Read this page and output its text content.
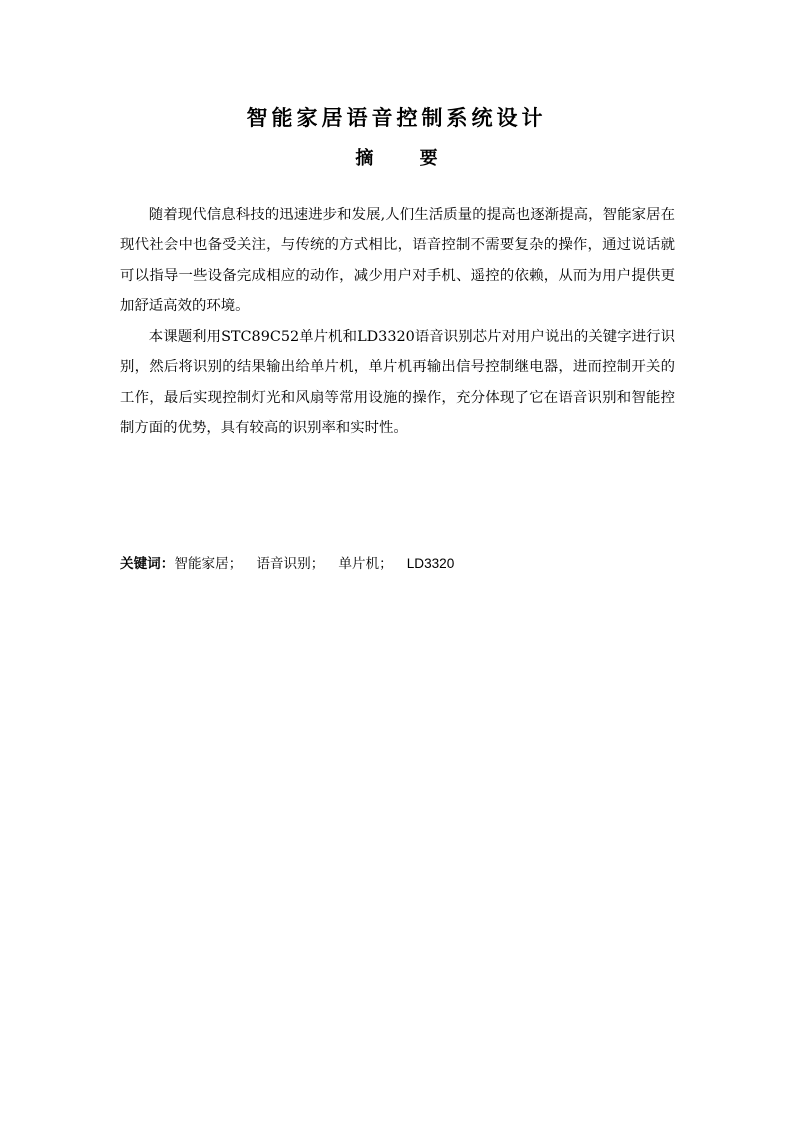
智能家居语音控制系统设计
摘 要

随着现代信息科技的迅速进步和发展,人们生活质量的提高也逐渐提高，智能家居在现代社会中也备受关注，与传统的方式相比，语音控制不需要复杂的操作，通过说话就可以指导一些设备完成相应的动作，减少用户对手机、遥控的依赖，从而为用户提供更加舒适高效的环境。

本课题利用STC89C52单片机和LD3320语音识别芯片对用户说出的关键字进行识别，然后将识别的结果输出给单片机，单片机再输出信号控制继电器，进而控制开关的工作，最后实现控制灯光和风扇等常用设施的操作，充分体现了它在语音识别和智能控制方面的优势，具有较高的识别率和实时性。

关键词：智能家居； 语音识别； 单片机； LD3320
